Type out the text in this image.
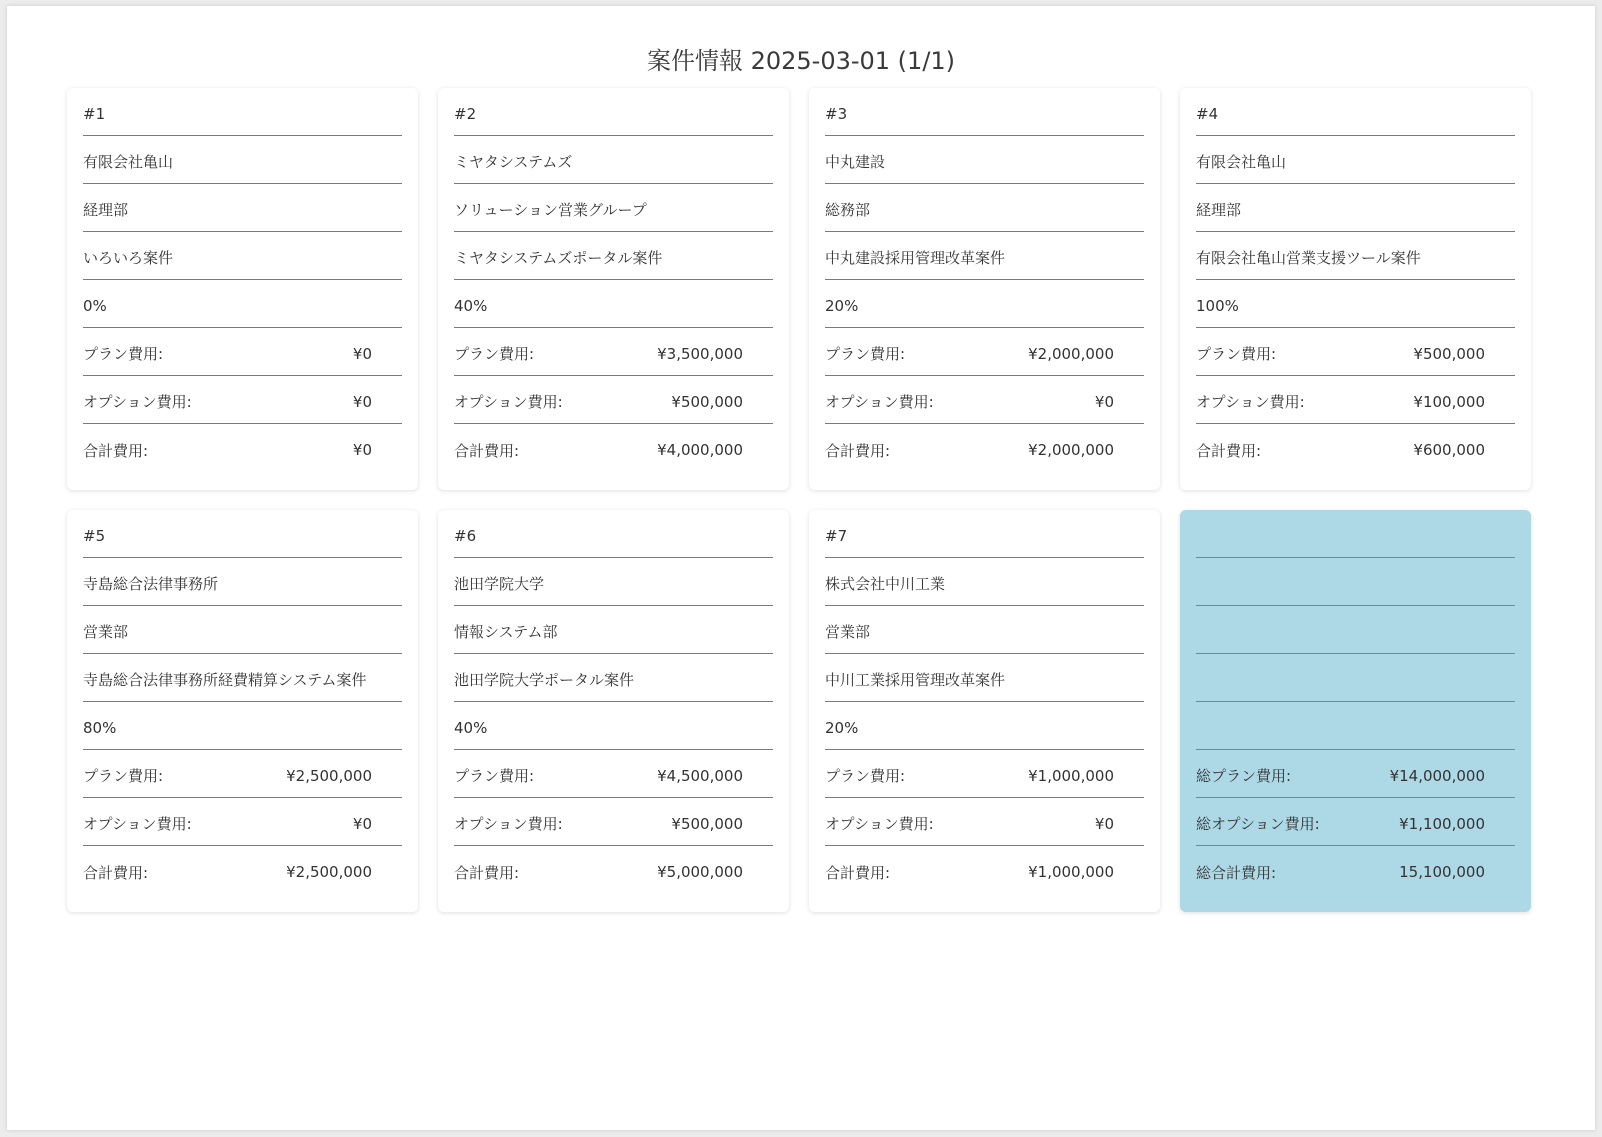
案件情報 2025-03-01 (1/1)
#1
有限会社亀山
経理部
いろいろ案件
0%
プラン費用:	¥0
オプション費用:	¥0
合計費用:	¥0
#2
ミヤタシステムズ
ソリューション営業グループ
ミヤタシステムズポータル案件
40%
プラン費用:	¥3,500,000
オプション費用:	¥500,000
合計費用:	¥4,000,000
#3
中丸建設
総務部
中丸建設採用管理改革案件
20%
プラン費用:	¥2,000,000
オプション費用:	¥0
合計費用:	¥2,000,000
#4
有限会社亀山
経理部
有限会社亀山営業支援ツール案件
100%
プラン費用:	¥500,000
オプション費用:	¥100,000
合計費用:	¥600,000
#5
寺島総合法律事務所
営業部
寺島総合法律事務所経費精算システム案件
80%
プラン費用:	¥2,500,000
オプション費用:	¥0
合計費用:	¥2,500,000
#6
池田学院大学
情報システム部
池田学院大学ポータル案件
40%
プラン費用:	¥4,500,000
オプション費用:	¥500,000
合計費用:	¥5,000,000
#7
株式会社中川工業
営業部
中川工業採用管理改革案件
20%
プラン費用:	¥1,000,000
オプション費用:	¥0
合計費用:	¥1,000,000
総プラン費用:	¥14,000,000
総オプション費用:	¥1,100,000
総合計費用:	15,100,000
